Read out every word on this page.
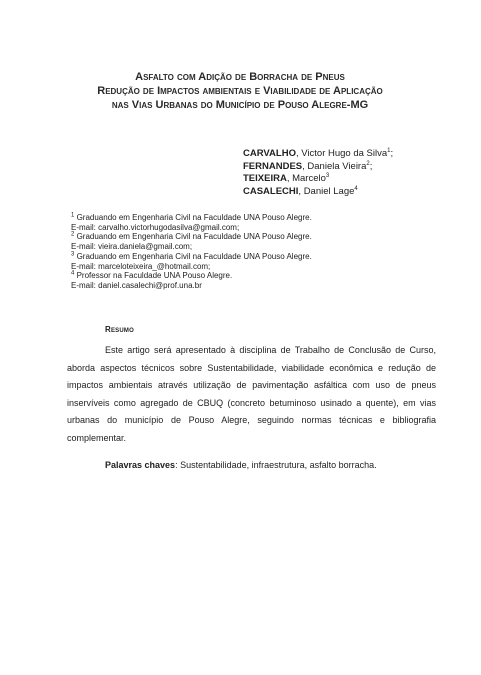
Asfalto com Adição de Borracha de Pneus
Redução de Impactos ambientais e Viabilidade de Aplicação
nas Vias Urbanas do Município de Pouso Alegre-MG
CARVALHO, Victor Hugo da Silva$^1$;
FERNANDES, Daniela Vieira$^2$;
TEIXEIRA, Marcelo$^3$
CASALECHI, Daniel Lage$^4$
$^1$ Graduando em Engenharia Civil na Faculdade UNA Pouso Alegre.
E-mail: carvalho.victorhugodasilva@gmail.com;
$^2$ Graduando em Engenharia Civil na Faculdade UNA Pouso Alegre.
E-mail: vieira.daniela@gmail.com;
$^3$ Graduando em Engenharia Civil na Faculdade UNA Pouso Alegre.
E-mail: marceloteixeira_@hotmail.com;
$^4$ Professor na Faculdade UNA Pouso Alegre.
E-mail: daniel.casalechi@prof.una.br
Resumo
Este artigo será apresentado à disciplina de Trabalho de Conclusão de Curso, aborda aspectos técnicos sobre Sustentabilidade, viabilidade econômica e redução de impactos ambientais através utilização de pavimentação asfáltica com uso de pneus inservíveis como agregado de CBUQ (concreto betuminoso usinado a quente), em vias urbanas do município de Pouso Alegre, seguindo normas técnicas e bibliografia complementar.
Palavras chaves: Sustentabilidade, infraestrutura, asfalto borracha.
